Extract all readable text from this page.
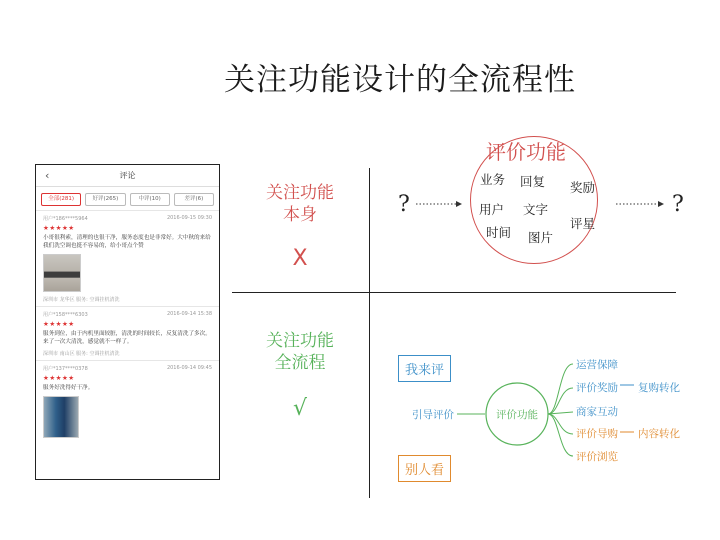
关注功能设计的全流程性
‹	评论
全部(281)	好评(265)	中评(10)	差评(6)
用户*186****5964	2016-09-15 09:30
★★★★★
小哥很利索，清理的也很干净，服务态度也是非常好。大中秋的来给我们洗空调也挺不容易的，给小哥点个赞
深圳市 龙华区 服务: 空调挂机清洗
用户*158****6303	2016-09-14 15:38
★★★★★
服务到位，由于内机里面较脏，清洗的时间较长，反复清洗了多次。来了一次大清洗，感觉就不一样了。
深圳市 南山区 服务: 空调挂机清洗
用户*137****0378	2016-09-14 09:45
★★★★★
服务好洗得好干净。
关注功能
本身
X
关注功能
全流程
√
?
评价功能
业务 回复 奖励
用户 文字
评星
时间 图片
?
我来评
别人看
引导评价	评价功能
运营保障
评价奖励 复购转化
商家互动
评价导购 内容转化
评价浏览
